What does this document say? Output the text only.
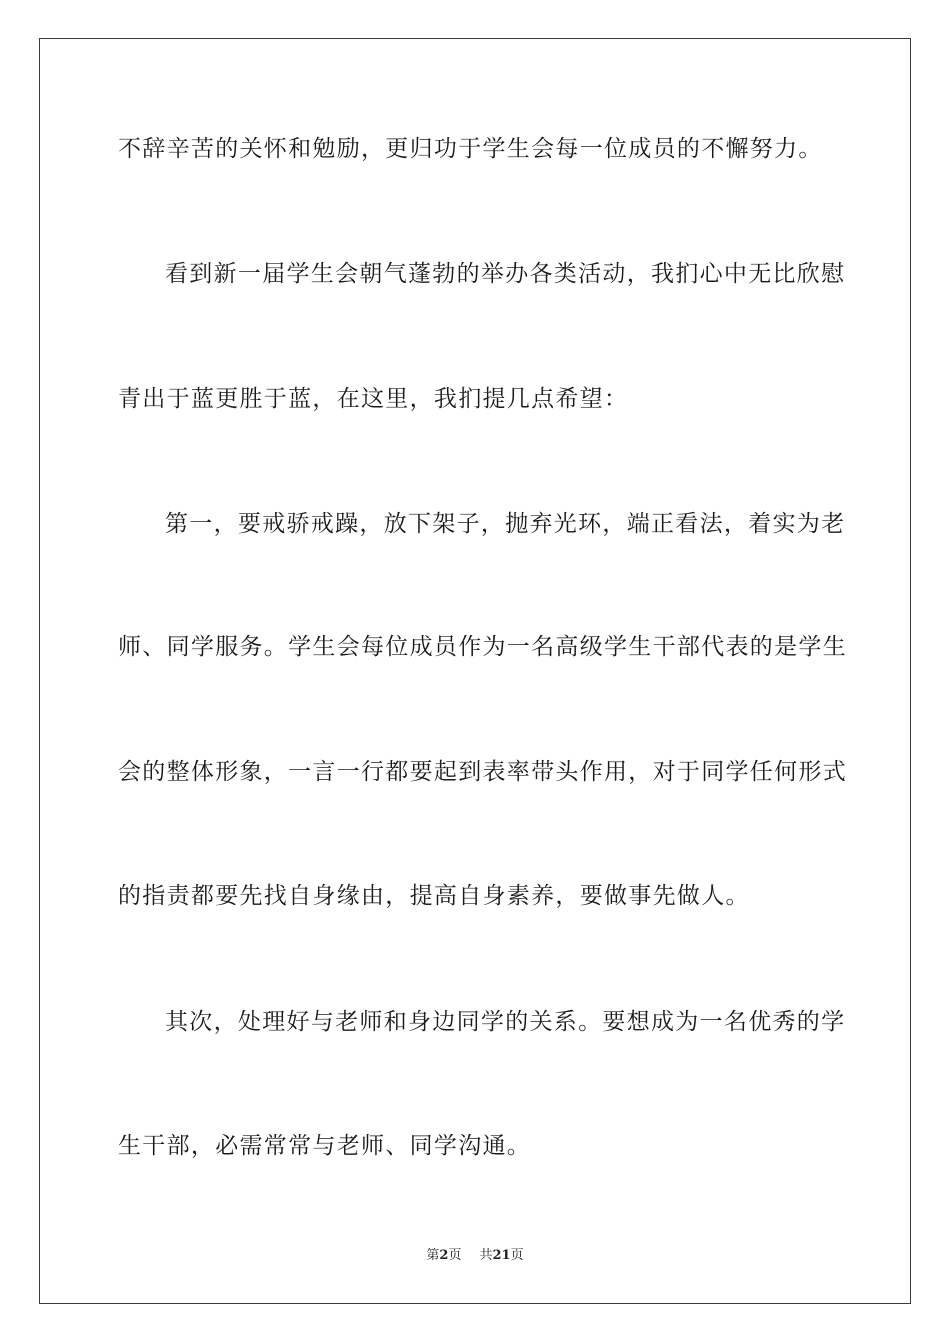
不辞辛苦的关怀和勉励，更归功于学生会每一位成员的不懈努力。
看到新一届学生会朝气蓬勃的举办各类活动，我扪心中无比欣慰
青出于蓝更胜于蓝，在这里，我扪提几点希望：
第一，要戒骄戒躁，放下架子，抛弃光环，端正看法，着实为老
师、同学服务。学生会每位成员作为一名高级学生干部代表的是学生
会的整体形象，一言一行都要起到表率带头作用，对于同学任何形式
的指责都要先找自身缘由，提高自身素养，要做事先做人。
其次，处理好与老师和身边同学的关系。要想成为一名优秀的学
生干部，必需常常与老师、同学沟通。
第2页 共21页
